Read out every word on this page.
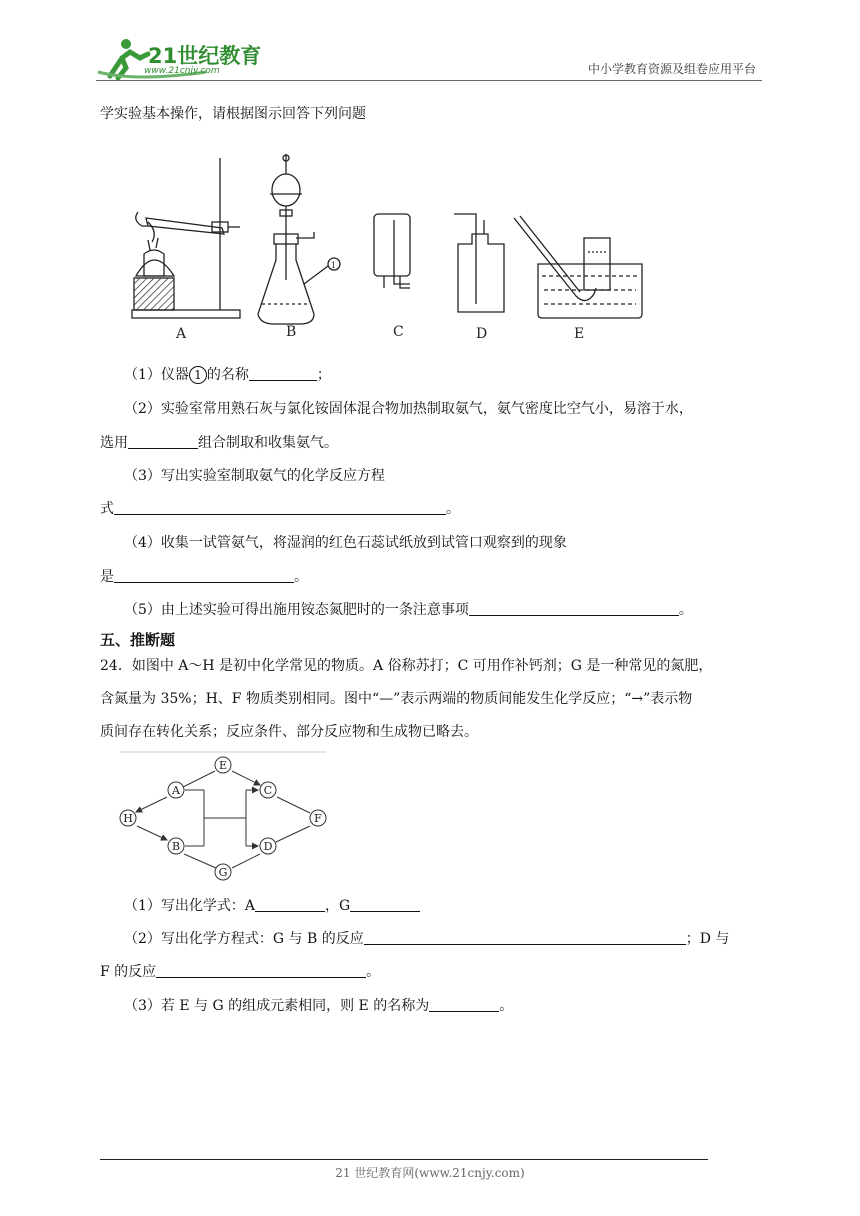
21世纪教育
www.21cnjy.com	中小学教育资源及组卷应用平台
学实验基本操作，请根据图示回答下列问题
1
A	B	C	D	E
（1）仪器 1 的名称	；
（2）实验室常用熟石灰与氯化铵固体混合物加热制取氨气，氨气密度比空气小，易溶于水，
选用	组合制取和收集氨气。
（3）写出实验室制取氨气的化学反应方程
式	。
（4）收集一试管氨气，将湿润的红色石蕊试纸放到试管口观察到的现象
是	。
（5）由上述实验可得出施用铵态氮肥时的一条注意事项	。
五、推断题
24．如图中 A～H 是初中化学常见的物质。A 俗称苏打；C 可用作补钙剂；G 是一种常见的氮肥，
含氮量为 35%；H、F 物质类别相同。图中“—”表示两端的物质间能发生化学反应；“→”表示物
质间存在转化关系；反应条件、部分反应物和生成物已略去。
E
A	C
H	F
B	D
G
（1）写出化学式：A	，G
（2）写出化学方程式：G 与 B 的反应	；D 与
F 的反应	。
（3）若 E 与 G 的组成元素相同，则 E 的名称为	。
21 世纪教育网(www.21cnjy.com)
